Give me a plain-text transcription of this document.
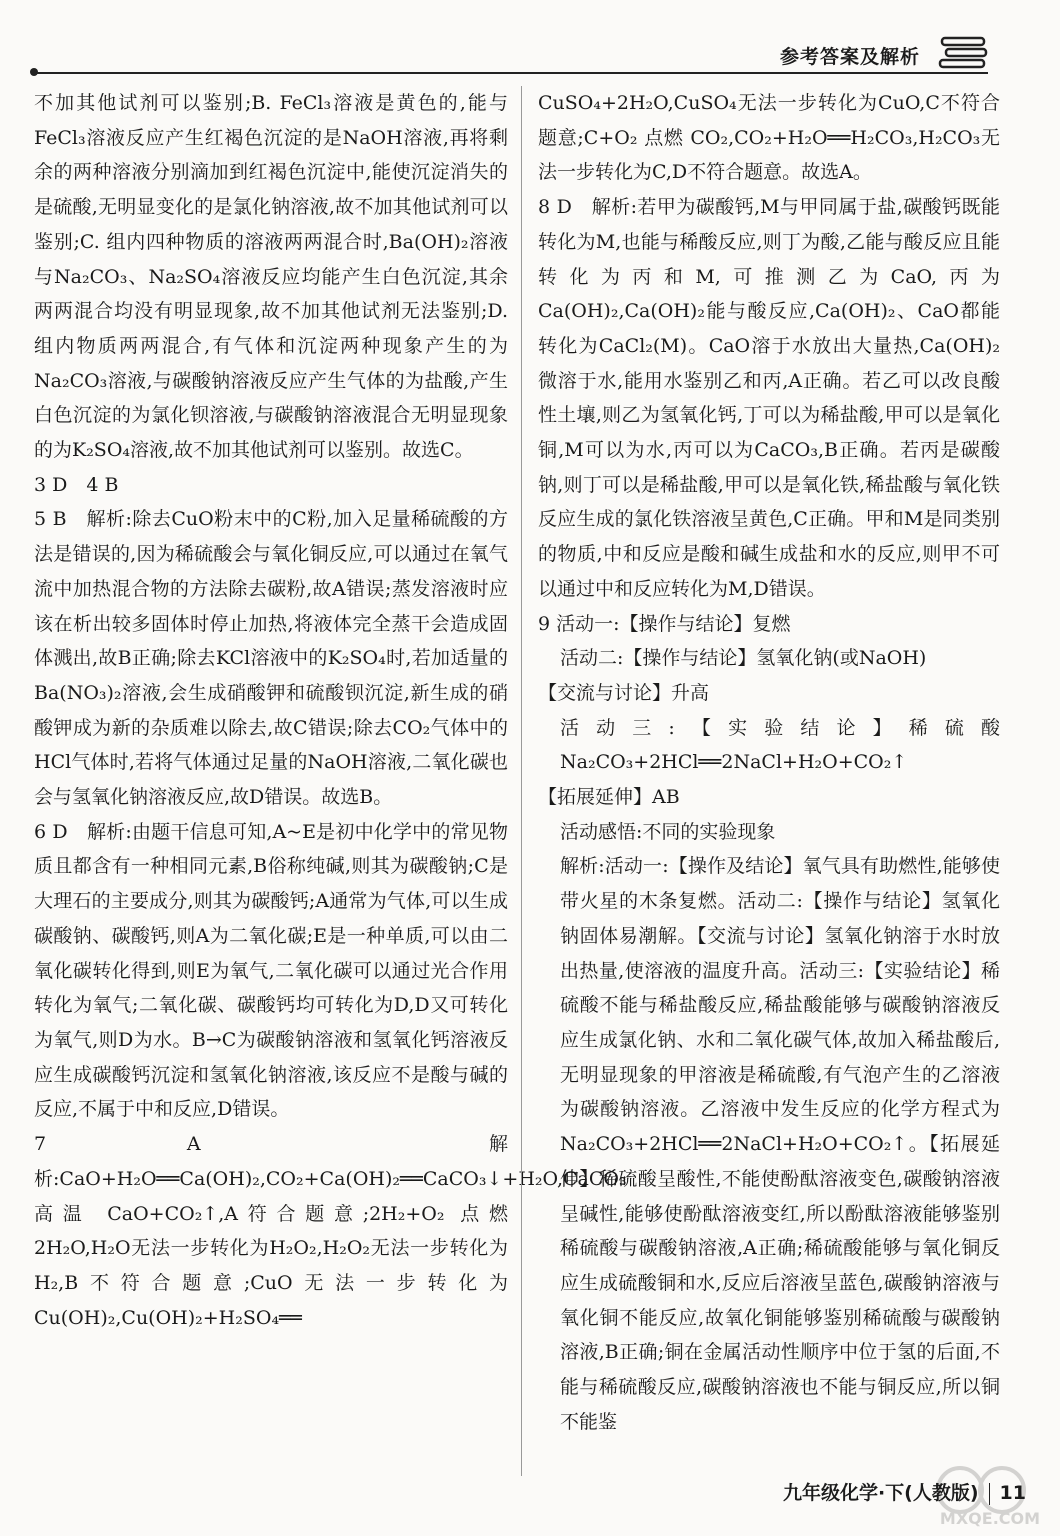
参考答案及解析

不加其他试剂可以鉴别;B. FeCl₃溶液是黄色的,能与FeCl₃溶液反应产生红褐色沉淀的是NaOH溶液,再将剩余的两种溶液分别滴加到红褐色沉淀中,能使沉淀消失的是硫酸,无明显变化的是氯化钠溶液,故不加其他试剂可以鉴别;C. 组内四种物质的溶液两两混合时,Ba(OH)₂溶液与Na₂CO₃、Na₂SO₄溶液反应均能产生白色沉淀,其余两两混合均没有明显现象,故不加其他试剂无法鉴别;D. 组内物质两两混合,有气体和沉淀两种现象产生的为Na₂CO₃溶液,与碳酸钠溶液反应产生气体的为盐酸,产生白色沉淀的为氯化钡溶液,与碳酸钠溶液混合无明显现象的为K₂SO₄溶液,故不加其他试剂可以鉴别。故选C。

3 D　4 B

5 B　解析:除去CuO粉末中的C粉,加入足量稀硫酸的方法是错误的,因为稀硫酸会与氧化铜反应,可以通过在氧气流中加热混合物的方法除去碳粉,故A错误;蒸发溶液时应该在析出较多固体时停止加热,将液体完全蒸干会造成固体溅出,故B正确;除去KCl溶液中的K₂SO₄时,若加适量的Ba(NO₃)₂溶液,会生成硝酸钾和硫酸钡沉淀,新生成的硝酸钾成为新的杂质难以除去,故C错误;除去CO₂气体中的HCl气体时,若将气体通过足量的NaOH溶液,二氧化碳也会与氢氧化钠溶液反应,故D错误。故选B。

6 D　解析:由题干信息可知,A~E是初中化学中的常见物质且都含有一种相同元素,B俗称纯碱,则其为碳酸钠;C是大理石的主要成分,则其为碳酸钙;A通常为气体,可以生成碳酸钠、碳酸钙,则A为二氧化碳;E是一种单质,可以由二氧化碳转化得到,则E为氧气,二氧化碳可以通过光合作用转化为氧气;二氧化碳、碳酸钙均可转化为D,D又可转化为氧气,则D为水。B→C为碳酸钠溶液和氢氧化钙溶液反应生成碳酸钙沉淀和氢氧化钠溶液,该反应不是酸与碱的反应,不属于中和反应,D错误。

7 A　解析:CaO+H₂O══Ca(OH)₂,CO₂+Ca(OH)₂══CaCO₃↓+H₂O,CaCO₃ 高温 CaO+CO₂↑,A符合题意;2H₂+O₂ 点燃 2H₂O,H₂O无法一步转化为H₂O₂,H₂O₂无法一步转化为H₂,B不符合题意;CuO无法一步转化为Cu(OH)₂,Cu(OH)₂+H₂SO₄══

CuSO₄+2H₂O,CuSO₄无法一步转化为CuO,C不符合题意;C+O₂ 点燃 CO₂,CO₂+H₂O══H₂CO₃,H₂CO₃无法一步转化为C,D不符合题意。故选A。

8 D　解析:若甲为碳酸钙,M与甲同属于盐,碳酸钙既能转化为M,也能与稀酸反应,则丁为酸,乙能与酸反应且能转化为丙和M,可推测乙为CaO,丙为Ca(OH)₂,Ca(OH)₂能与酸反应,Ca(OH)₂、CaO都能转化为CaCl₂(M)。CaO溶于水放出大量热,Ca(OH)₂微溶于水,能用水鉴别乙和丙,A正确。若乙可以改良酸性土壤,则乙为氢氧化钙,丁可以为稀盐酸,甲可以是氧化铜,M可以为水,丙可以为CaCO₃,B正确。若丙是碳酸钠,则丁可以是稀盐酸,甲可以是氧化铁,稀盐酸与氧化铁反应生成的氯化铁溶液呈黄色,C正确。甲和M是同类别的物质,中和反应是酸和碱生成盐和水的反应,则甲不可以通过中和反应转化为M,D错误。

9 活动一:【操作与结论】复燃

活动二:【操作与结论】氢氧化钠(或NaOH)

【交流与讨论】升高

活动三:【实验结论】稀硫酸　Na₂CO₃+2HCl══2NaCl+H₂O+CO₂↑

【拓展延伸】AB

活动感悟:不同的实验现象

解析:活动一:【操作及结论】氧气具有助燃性,能够使带火星的木条复燃。活动二:【操作与结论】氢氧化钠固体易潮解。【交流与讨论】氢氧化钠溶于水时放出热量,使溶液的温度升高。活动三:【实验结论】稀硫酸不能与稀盐酸反应,稀盐酸能够与碳酸钠溶液反应生成氯化钠、水和二氧化碳气体,故加入稀盐酸后,无明显现象的甲溶液是稀硫酸,有气泡产生的乙溶液为碳酸钠溶液。乙溶液中发生反应的化学方程式为Na₂CO₃+2HCl══2NaCl+H₂O+CO₂↑。【拓展延伸】稀硫酸呈酸性,不能使酚酞溶液变色,碳酸钠溶液呈碱性,能够使酚酞溶液变红,所以酚酞溶液能够鉴别稀硫酸与碳酸钠溶液,A正确;稀硫酸能够与氧化铜反应生成硫酸铜和水,反应后溶液呈蓝色,碳酸钠溶液与氧化铜不能反应,故氧化铜能够鉴别稀硫酸与碳酸钠溶液,B正确;铜在金属活动性顺序中位于氢的后面,不能与稀硫酸反应,碳酸钠溶液也不能与铜反应,所以铜不能鉴

九年级化学·下(人教版) 11
MXQE.COM
